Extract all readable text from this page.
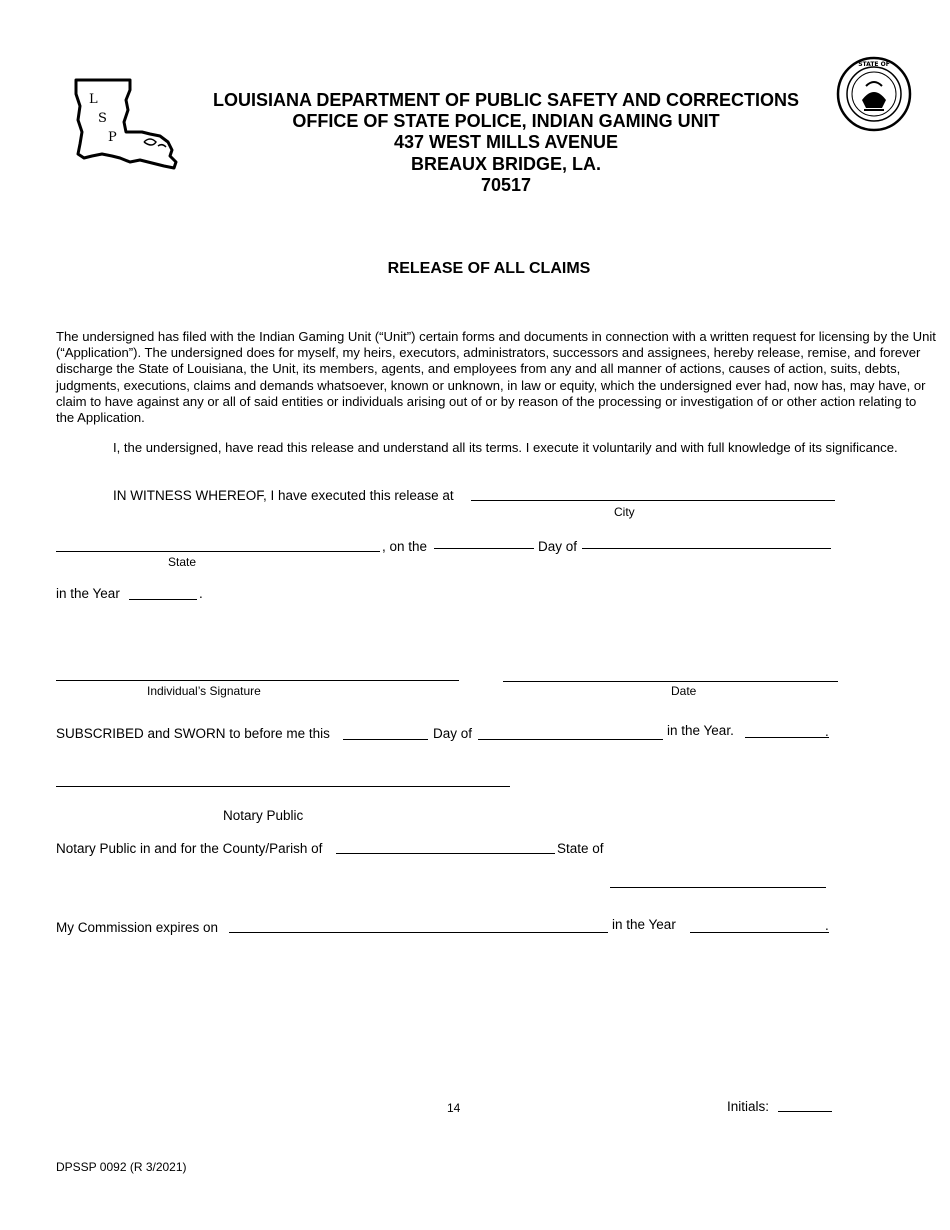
L
S
P
STATE OF
LOUISIANA DEPARTMENT OF PUBLIC SAFETY AND CORRECTIONS
OFFICE OF STATE POLICE, INDIAN GAMING UNIT
437 WEST MILLS AVENUE
BREAUX BRIDGE, LA.
70517
RELEASE OF ALL CLAIMS
The undersigned has filed with the Indian Gaming Unit (“Unit”) certain forms and documents in connection with a written request for licensing by the Unit (“Application”). The undersigned does for myself, my heirs, executors, administrators, successors and assignees, hereby release, remise, and forever discharge the State of Louisiana, the Unit, its members, agents, and employees from any and all manner of actions, causes of action, suits, debts, judgments, executions, claims and demands whatsoever, known or unknown, in law or equity, which the undersigned ever had, now has, may have, or claim to have against any or all of said entities or individuals arising out of or by reason of the processing or investigation of or other action relating to the Application.
I, the undersigned, have read this release and understand all its terms. I execute it voluntarily and with full knowledge of its significance.
IN WITNESS WHEREOF, I have executed this release at
City
, on the	Day of
State
in the Year	.
Individual’s Signature	Date
SUBSCRIBED and SWORN to before me this	Day of	in the Year.	.
Notary Public
Notary Public in and for the County/Parish of	State of
My Commission expires on	in the Year	.
14	Initials:
DPSSP 0092 (R 3/2021)
